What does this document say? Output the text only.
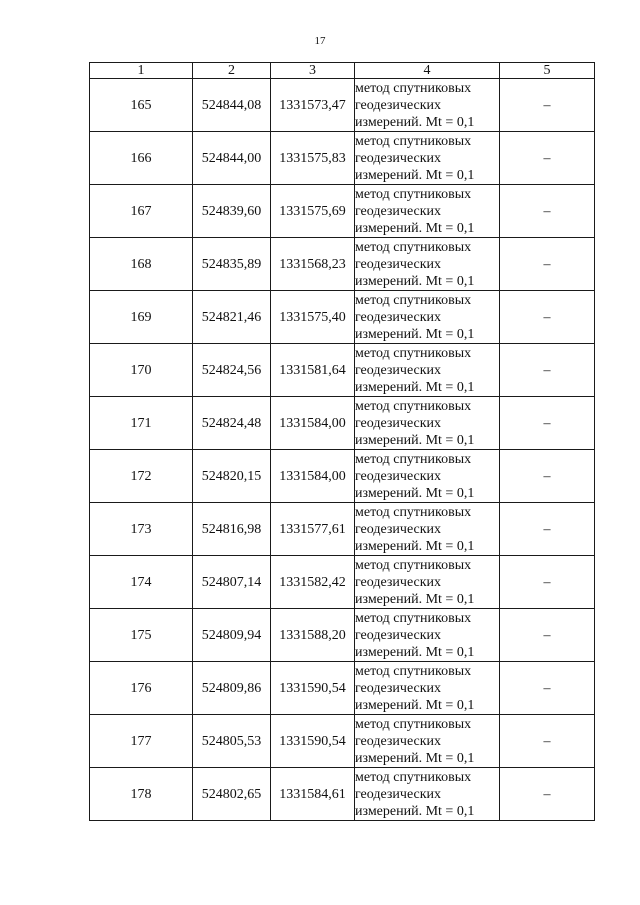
17
1	2	3	4	5
165	524844,08	1331573,47	метод спутниковых
геодезических
измерений. Mt = 0,1	–
166	524844,00	1331575,83	метод спутниковых
геодезических
измерений. Mt = 0,1	–
167	524839,60	1331575,69	метод спутниковых
геодезических
измерений. Mt = 0,1	–
168	524835,89	1331568,23	метод спутниковых
геодезических
измерений. Mt = 0,1	–
169	524821,46	1331575,40	метод спутниковых
геодезических
измерений. Mt = 0,1	–
170	524824,56	1331581,64	метод спутниковых
геодезических
измерений. Mt = 0,1	–
171	524824,48	1331584,00	метод спутниковых
геодезических
измерений. Mt = 0,1	–
172	524820,15	1331584,00	метод спутниковых
геодезических
измерений. Mt = 0,1	–
173	524816,98	1331577,61	метод спутниковых
геодезических
измерений. Mt = 0,1	–
174	524807,14	1331582,42	метод спутниковых
геодезических
измерений. Mt = 0,1	–
175	524809,94	1331588,20	метод спутниковых
геодезических
измерений. Mt = 0,1	–
176	524809,86	1331590,54	метод спутниковых
геодезических
измерений. Mt = 0,1	–
177	524805,53	1331590,54	метод спутниковых
геодезических
измерений. Mt = 0,1	–
178	524802,65	1331584,61	метод спутниковых
геодезических
измерений. Mt = 0,1	–
